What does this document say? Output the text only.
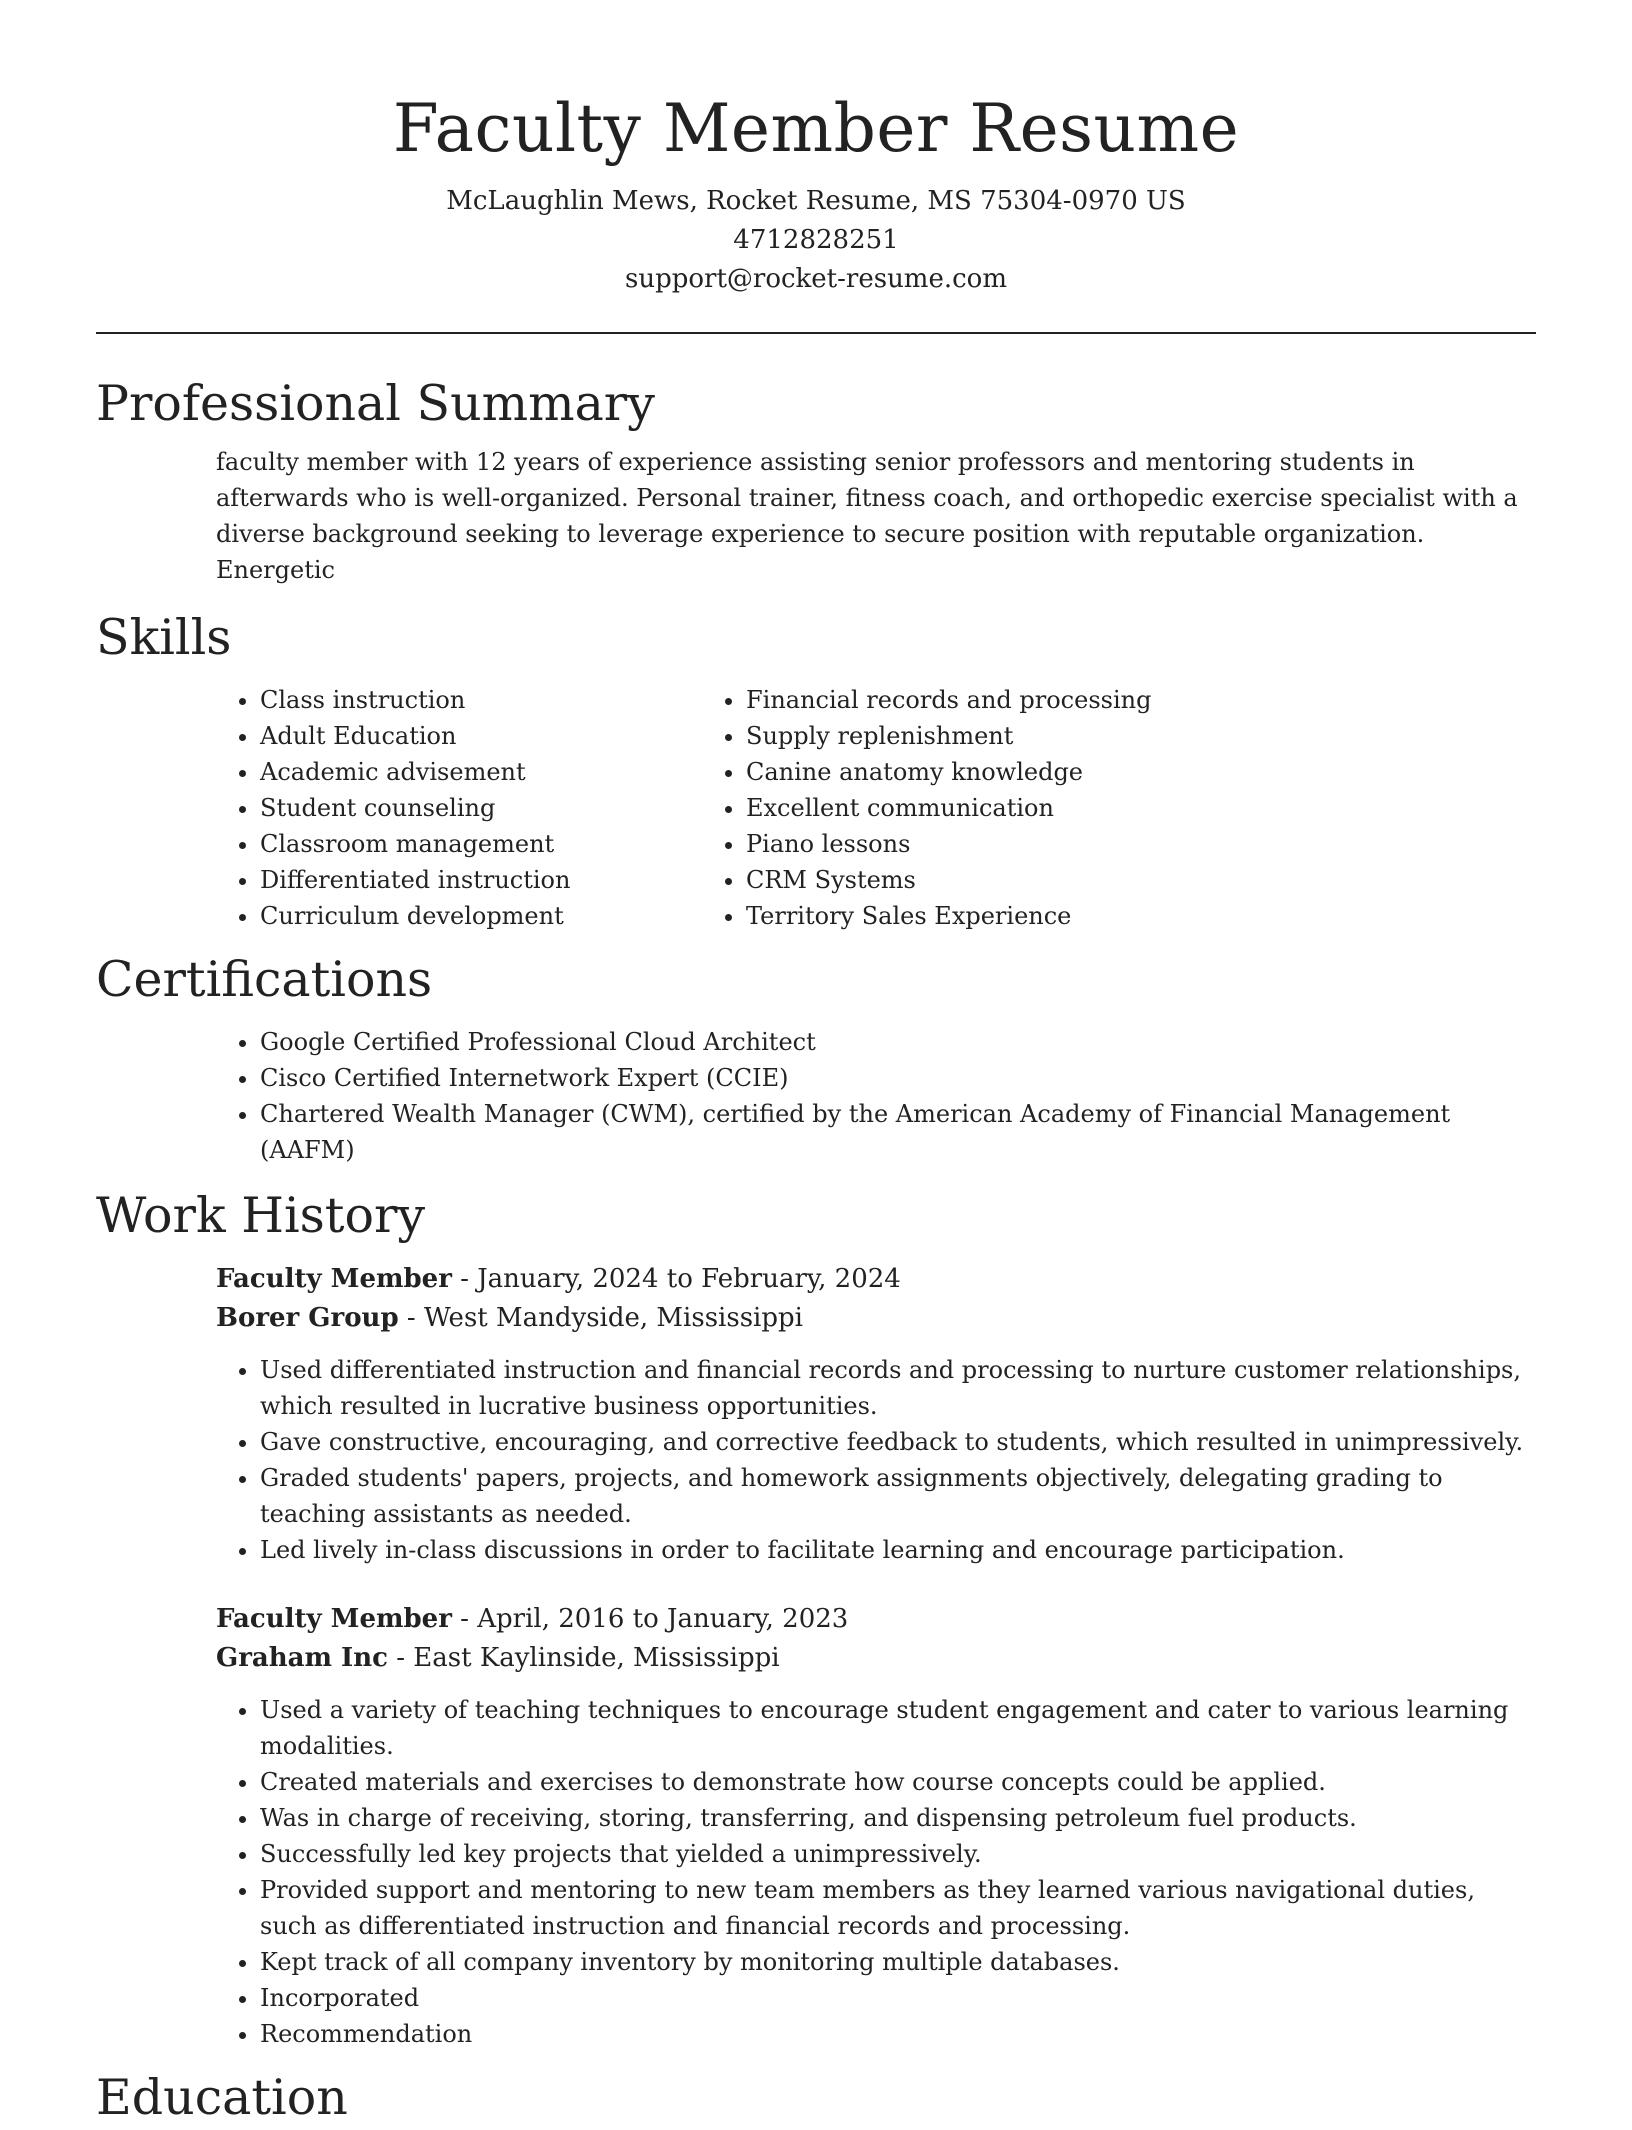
Faculty Member Resume

McLaughlin Mews, Rocket Resume, MS 75304-0970 US

4712828251

support@rocket-resume.com

Professional Summary

faculty member with 12 years of experience assisting senior professors and mentoring students in afterwards who is well-organized. Personal trainer, fitness coach, and orthopedic exercise specialist with a diverse background seeking to leverage experience to secure position with reputable organization. Energetic

Skills
• Class instruction
• Adult Education
• Academic advisement
• Student counseling
• Classroom management
• Differentiated instruction
• Curriculum development
• Financial records and processing
• Supply replenishment
• Canine anatomy knowledge
• Excellent communication
• Piano lessons
• CRM Systems
• Territory Sales Experience
Certifications
• Google Certified Professional Cloud Architect
• Cisco Certified Internetwork Expert (CCIE)
• Chartered Wealth Manager (CWM), certified by the American Academy of Financial Management (AAFM)
Work History
Faculty Member - January, 2024 to February, 2024
Borer Group - West Mandyside, Mississippi
• Used differentiated instruction and financial records and processing to nurture customer relationships, which resulted in lucrative business opportunities.
• Gave constructive, encouraging, and corrective feedback to students, which resulted in unimpressively.
• Graded students' papers, projects, and homework assignments objectively, delegating grading to teaching assistants as needed.
• Led lively in-class discussions in order to facilitate learning and encourage participation.
Faculty Member - April, 2016 to January, 2023
Graham Inc - East Kaylinside, Mississippi
• Used a variety of teaching techniques to encourage student engagement and cater to various learning modalities.
• Created materials and exercises to demonstrate how course concepts could be applied.
• Was in charge of receiving, storing, transferring, and dispensing petroleum fuel products.
• Successfully led key projects that yielded a unimpressively.
• Provided support and mentoring to new team members as they learned various navigational duties, such as differentiated instruction and financial records and processing.
• Kept track of all company inventory by monitoring multiple databases.
• Incorporated
• Recommendation
Education
